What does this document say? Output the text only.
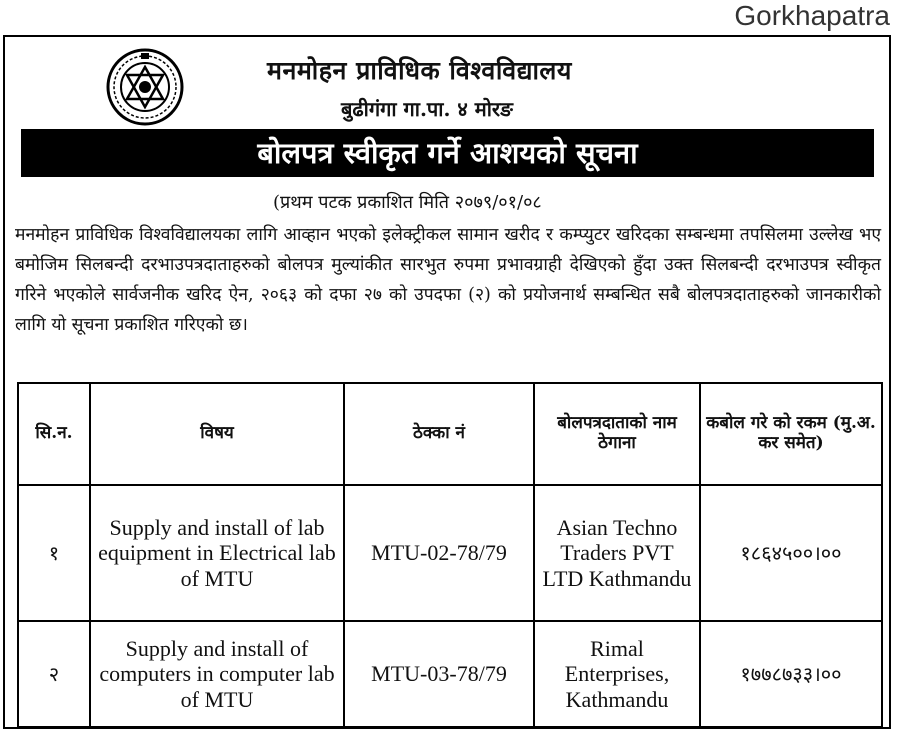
Gorkhapatra
मनमोहन प्राविधिक विश्वविद्यालय
बुढीगंगा गा.पा. ४ मोरङ
बोलपत्र स्वीकृत गर्ने आशयको सूचना
(प्रथम पटक प्रकाशित मिति २०७९/०१/०८
मनमोहन प्राविधिक विश्वविद्यालयका लागि आव्हान भएको इलेक्ट्रीकल सामान खरीद र कम्प्युटर खरिदका सम्बन्धमा तपसिलमा उल्लेख भए बमोजिम सिलबन्दी दरभाउपत्रदाताहरुको बोलपत्र मुल्यांकीत सारभुत रुपमा प्रभावग्राही देखिएको हुँदा उक्त सिलबन्दी दरभाउपत्र स्वीकृत गरिने भएकोले सार्वजनीक खरिद ऐन, २०६३ को दफा २७ को उपदफा (२) को प्रयोजनार्थ सम्बन्धित सबै बोलपत्रदाताहरुको जानकारीको लागि यो सूचना प्रकाशित गरिएको छ।
सि.न.	विषय	ठेक्का नं	बोलपत्रदाताको नाम ठेगाना	कबोल गरे को रकम (मु.अ. कर समेत)
१	Supply and install of lab equipment in Electrical lab of MTU	MTU-02-78/79	Asian Techno Traders PVT LTD Kathmandu	१८६४५००।००
२	Supply and install of computers in computer lab of MTU	MTU-03-78/79	Rimal Enterprises, Kathmandu	१७७८७३३।००
